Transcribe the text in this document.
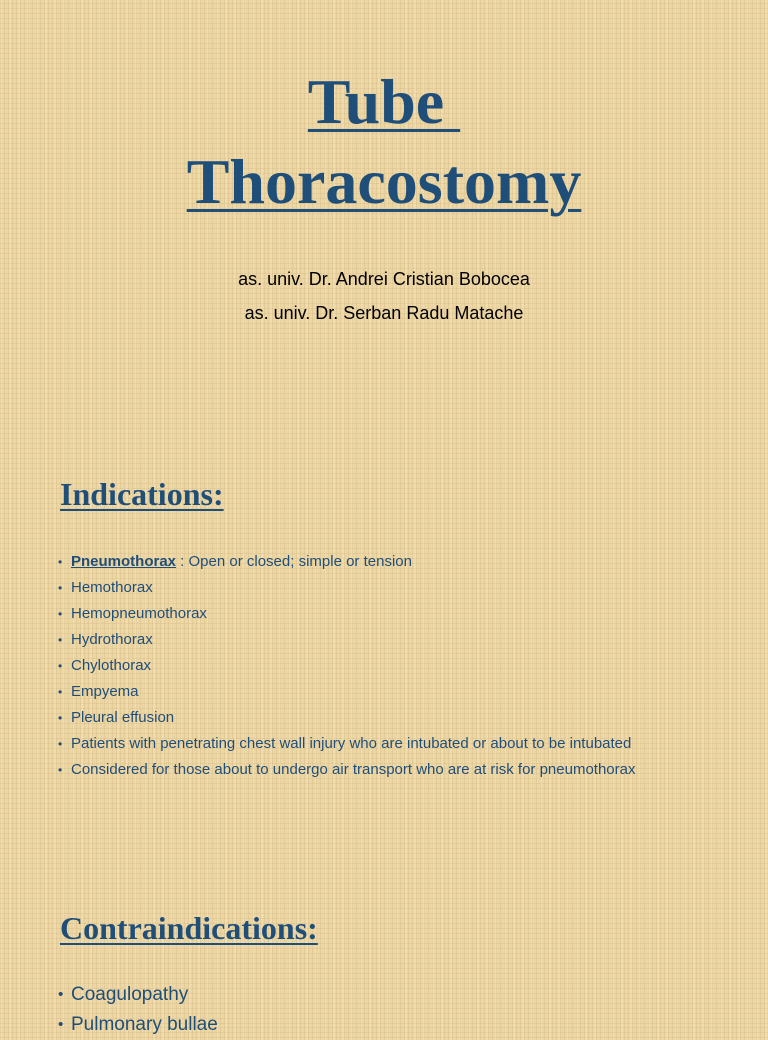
Tube
Thoracostomy
as. univ. Dr. Andrei Cristian Bobocea
as. univ. Dr. Serban Radu Matache
Indications:
• Pneumothorax : Open or closed; simple or tension
• Hemothorax
• Hemopneumothorax
• Hydrothorax
• Chylothorax
• Empyema
• Pleural effusion
• Patients with penetrating chest wall injury who are intubated or about to be intubated
• Considered for those about to undergo air transport who are at risk for pneumothorax
Contraindications:
• Coagulopathy
• Pulmonary bullae
